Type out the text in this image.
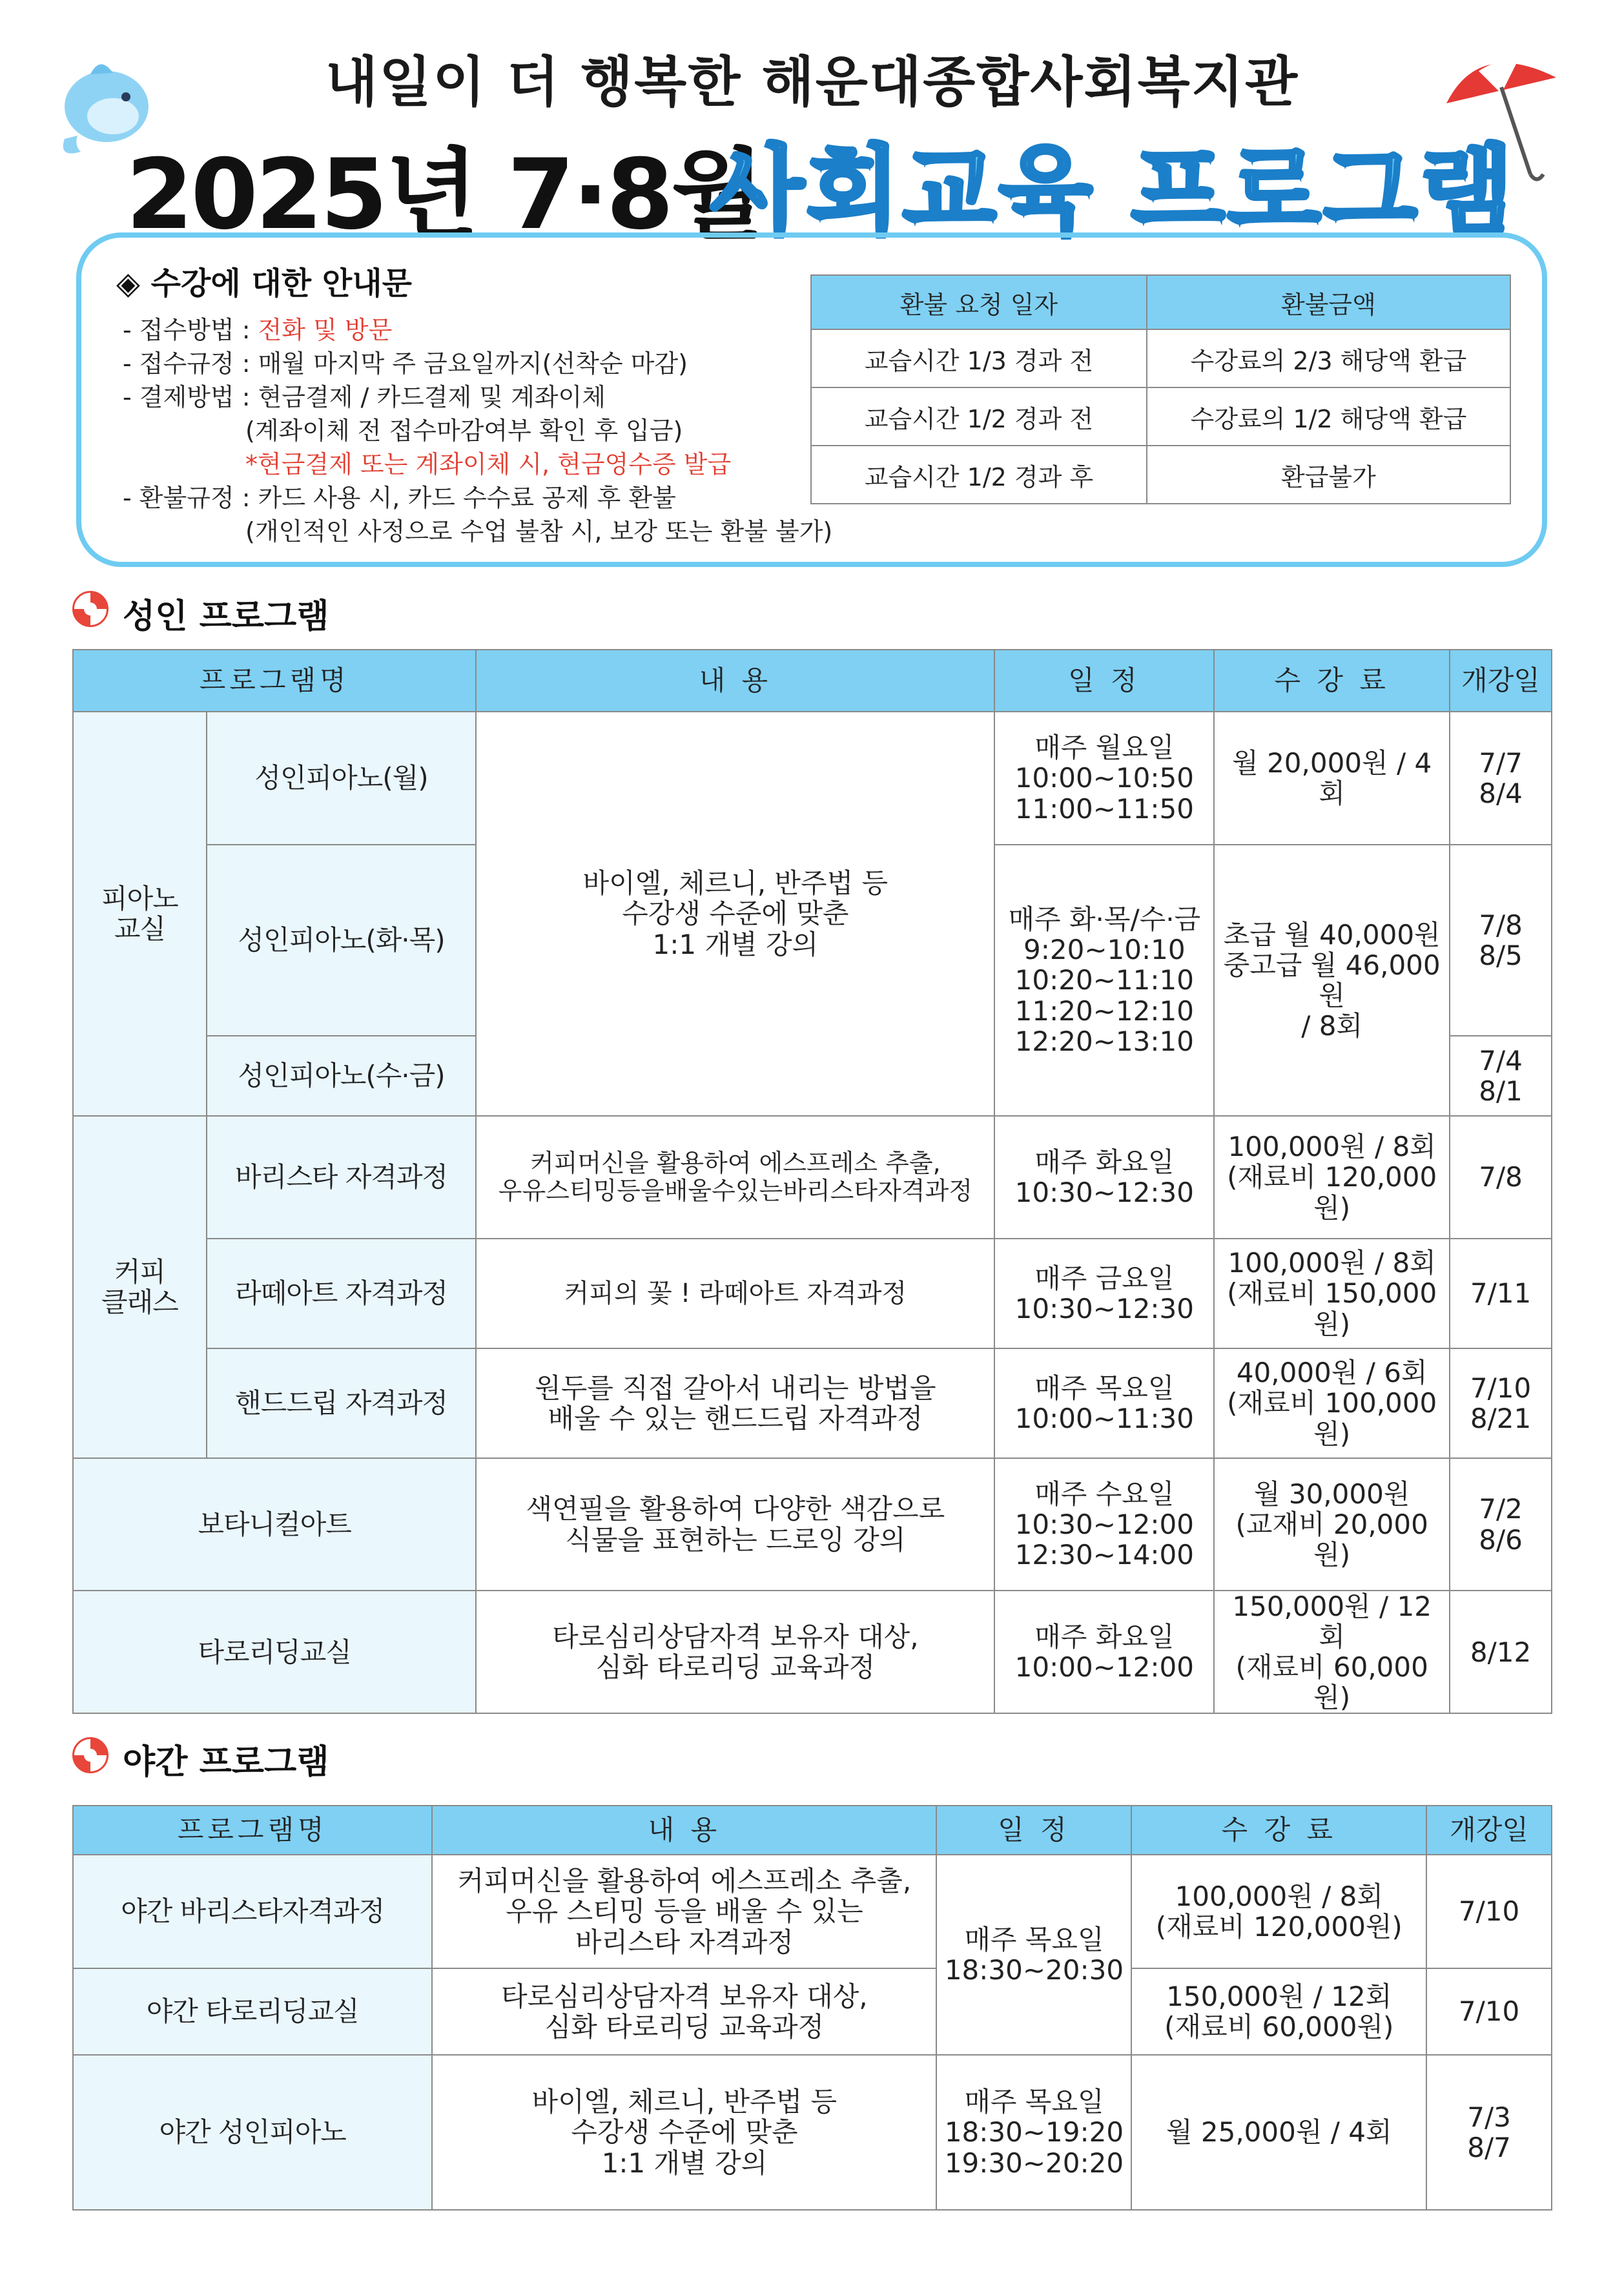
내일이 더 행복한 해운대종합사회복지관
2025년 7·8월
사회교육 프로그램
◈ 수강에 대한 안내문
- 접수방법 : 전화 및 방문
- 접수규정 : 매월 마지막 주 금요일까지(선착순 마감)
- 결제방법 : 현금결제 / 카드결제 및 계좌이체
(계좌이체 전 접수마감여부 확인 후 입금)
*현금결제 또는 계좌이체 시, 현금영수증 발급
- 환불규정 : 카드 사용 시, 카드 수수료 공제 후 환불
(개인적인 사정으로 수업 불참 시, 보강 또는 환불 불가)
환불 요청 일자	환불금액
교습시간 1/3 경과 전	수강료의 2/3 해당액 환급
교습시간 1/2 경과 전	수강료의 1/2 해당액 환급
교습시간 1/2 경과 후	환급불가
성인 프로그램
프로그램명		내 용	일 정	수 강 료	개강일
피아노
교실	성인피아노(월)	바이엘, 체르니, 반주법 등
수강생 수준에 맞춘
1:1 개별 강의	매주 월요일
10:00~10:50
11:00~11:50	월 20,000원 / 4회	7/7
8/4
	성인피아노(화·목)		매주 화·목/수·금
9:20~10:10
10:20~11:10
11:20~12:10
12:20~13:10	초급 월 40,000원
중고급 월 46,000원
/ 8회	7/8
8/5
	성인피아노(수·금)				7/4
8/1
커피
클래스	바리스타 자격과정	커피머신을 활용하여 에스프레소 추출,
우유스티밍등을배울수있는바리스타자격과정	매주 화요일
10:30~12:30	100,000원 / 8회
(재료비 120,000원)	7/8
	라떼아트 자격과정	커피의 꽃 ! 라떼아트 자격과정	매주 금요일
10:30~12:30	100,000원 / 8회
(재료비 150,000원)	7/11
	핸드드립 자격과정	원두를 직접 갈아서 내리는 방법을
배울 수 있는 핸드드립 자격과정	매주 목요일
10:00~11:30	40,000원 / 6회
(재료비 100,000원)	7/10
8/21
보타니컬아트		색연필을 활용하여 다양한 색감으로
식물을 표현하는 드로잉 강의	매주 수요일
10:30~12:00
12:30~14:00	월 30,000원
(교재비 20,000원)	7/2
8/6
타로리딩교실		타로심리상담자격 보유자 대상,
심화 타로리딩 교육과정	매주 화요일
10:00~12:00	150,000원 / 12회
(재료비 60,000원)	8/12
야간 프로그램
프로그램명	내 용	일 정	수 강 료	개강일
야간 바리스타자격과정	커피머신을 활용하여 에스프레소 추출,
우유 스티밍 등을 배울 수 있는
바리스타 자격과정	매주 목요일
18:30~20:30	100,000원 / 8회
(재료비 120,000원)	7/10
야간 타로리딩교실	타로심리상담자격 보유자 대상,
심화 타로리딩 교육과정		150,000원 / 12회
(재료비 60,000원)	7/10
야간 성인피아노	바이엘, 체르니, 반주법 등
수강생 수준에 맞춘
1:1 개별 강의	매주 목요일
18:30~19:20
19:30~20:20	월 25,000원 / 4회	7/3
8/7
